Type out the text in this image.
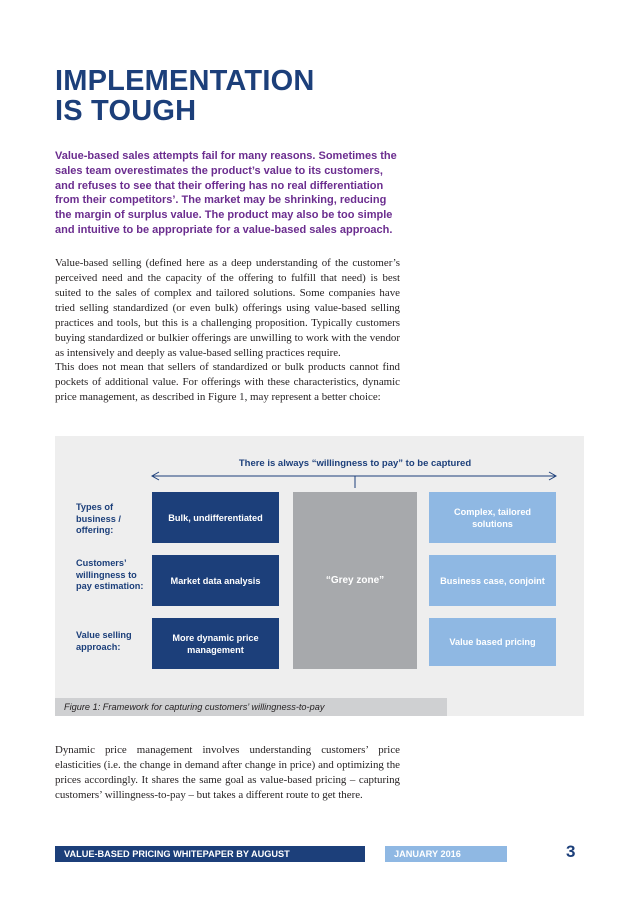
IMPLEMENTATION
IS TOUGH

Value-based sales attempts fail for many reasons. Sometimes the sales team overestimates the product’s value to its customers, and refuses to see that their offering has no real differentiation from their competitors’. The market may be shrinking, reducing the margin of surplus value. The product may also be too simple and intuitive to be appropriate for a value-based sales approach.

Value-based selling (defined here as a deep understanding of the customer’s perceived need and the capacity of the offering to fulfill that need) is best suited to the sales of complex and tailored solutions. Some companies have tried selling standardized (or even bulk) offerings using value-based selling practices and tools, but this is a challenging proposition. Typically customers buying standardized or bulkier offerings are unwilling to work with the vendor as intensively and deeply as value-based selling practices require.

This does not mean that sellers of standardized or bulk products cannot find pockets of additional value. For offerings with these characteristics, dynamic price management, as described in Figure 1, may represent a better choice:

There is always “willingness to pay” to be captured
Types of business / offering:
Customers’ willingness to pay estimation:
Value selling approach:
Bulk, undifferentiated
Market data analysis
More dynamic price management
“Grey zone”
Complex, tailored solutions
Business case, conjoint
Value based pricing
Figure 1: Framework for capturing customers’ willingness-to-pay

Dynamic price management involves understanding customers’ price elasticities (i.e. the change in demand after change in price) and optimizing the prices accordingly. It shares the same goal as value-based pricing – capturing customers’ willingness-to-pay – but takes a different route to get there.

VALUE-BASED PRICING WHITEPAPER BY AUGUST	JANUARY 2016	3
